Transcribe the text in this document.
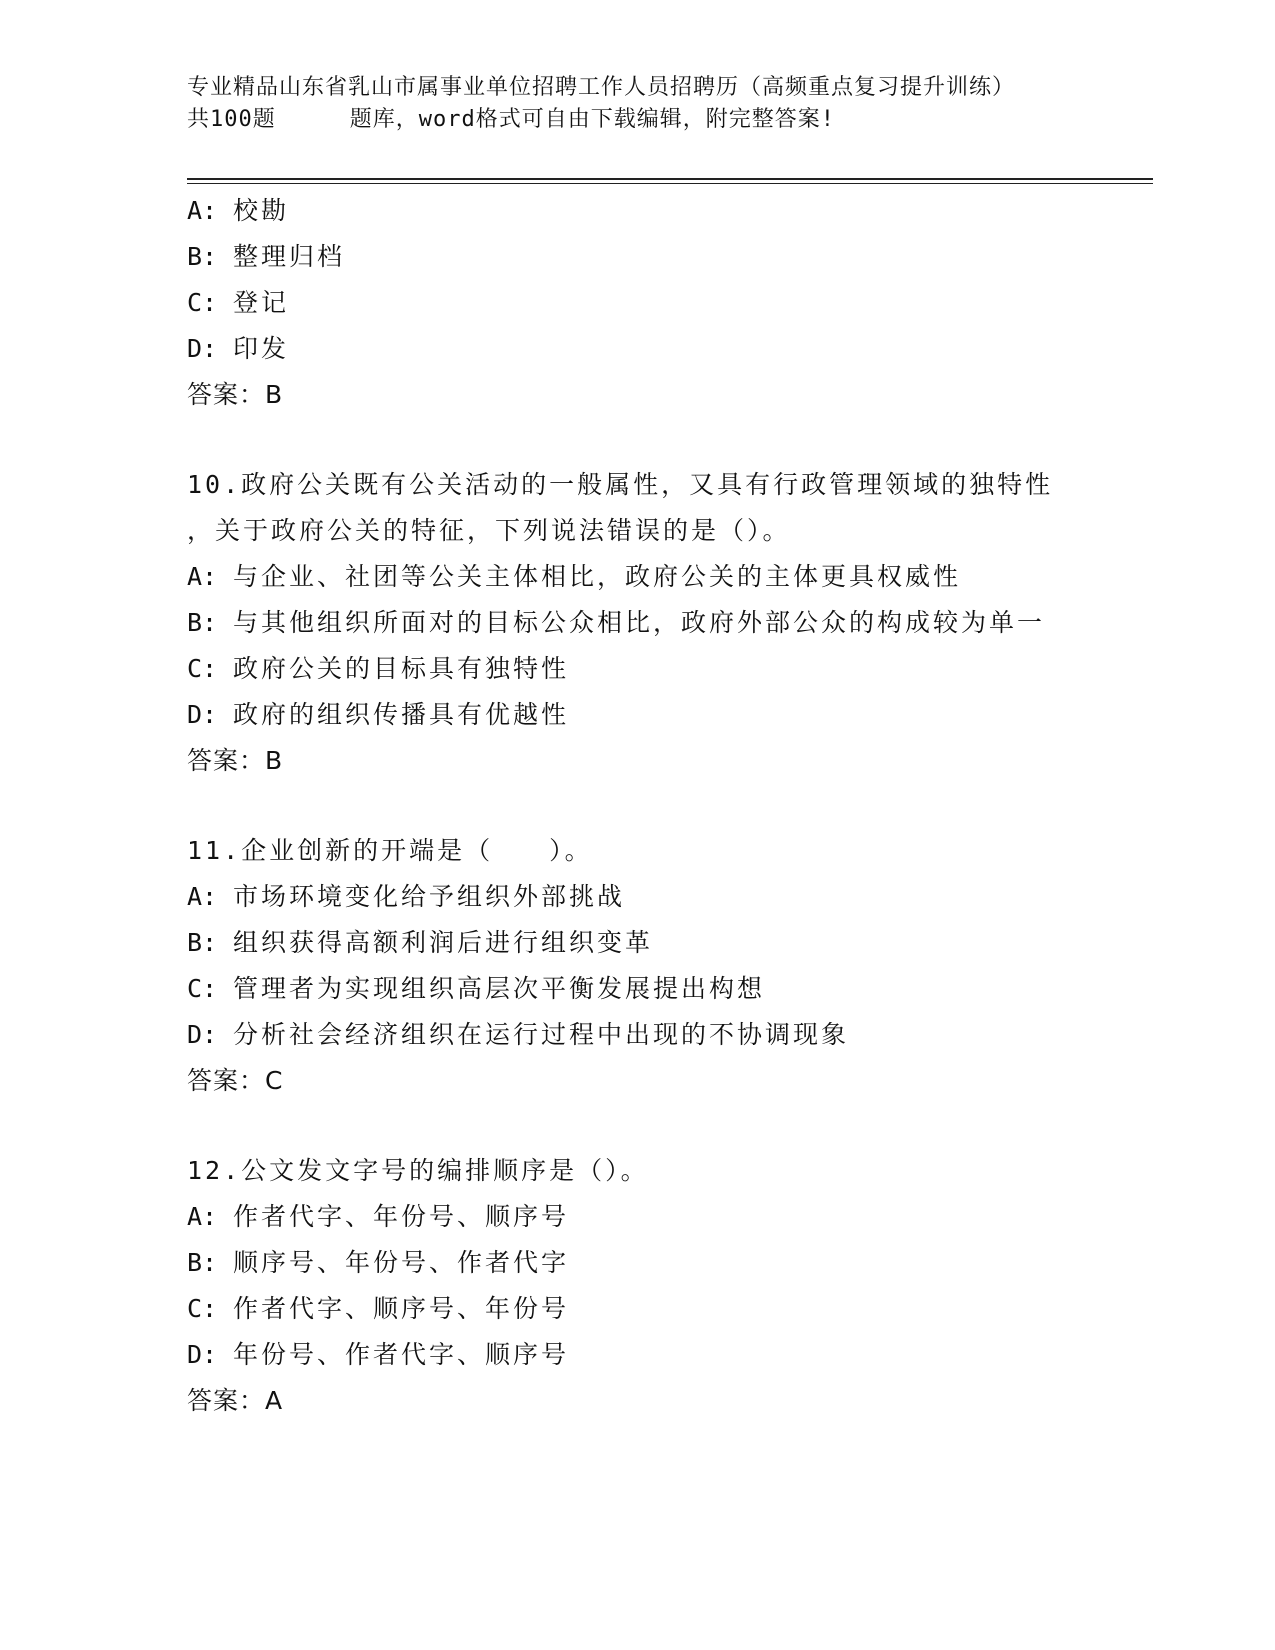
专业精品山东省乳山市属事业单位招聘工作人员招聘历（高频重点复习提升训练）
共100题	题库，word格式可自由下载编辑，附完整答案!
A: 校勘
B: 整理归档
C: 登记
D: 印发
答案：B
10.政府公关既有公关活动的一般属性，又具有行政管理领域的独特性
，关于政府公关的特征，下列说法错误的是（）。
A: 与企业、社团等公关主体相比，政府公关的主体更具权威性
B: 与其他组织所面对的目标公众相比，政府外部公众的构成较为单一
C: 政府公关的目标具有独特性
D: 政府的组织传播具有优越性
答案：B
11.企业创新的开端是（　　）。
A: 市场环境变化给予组织外部挑战
B: 组织获得高额利润后进行组织变革
C: 管理者为实现组织高层次平衡发展提出构想
D: 分析社会经济组织在运行过程中出现的不协调现象
答案：C
12.公文发文字号的编排顺序是（）。
A: 作者代字、年份号、顺序号
B: 顺序号、年份号、作者代字
C: 作者代字、顺序号、年份号
D: 年份号、作者代字、顺序号
答案：A
